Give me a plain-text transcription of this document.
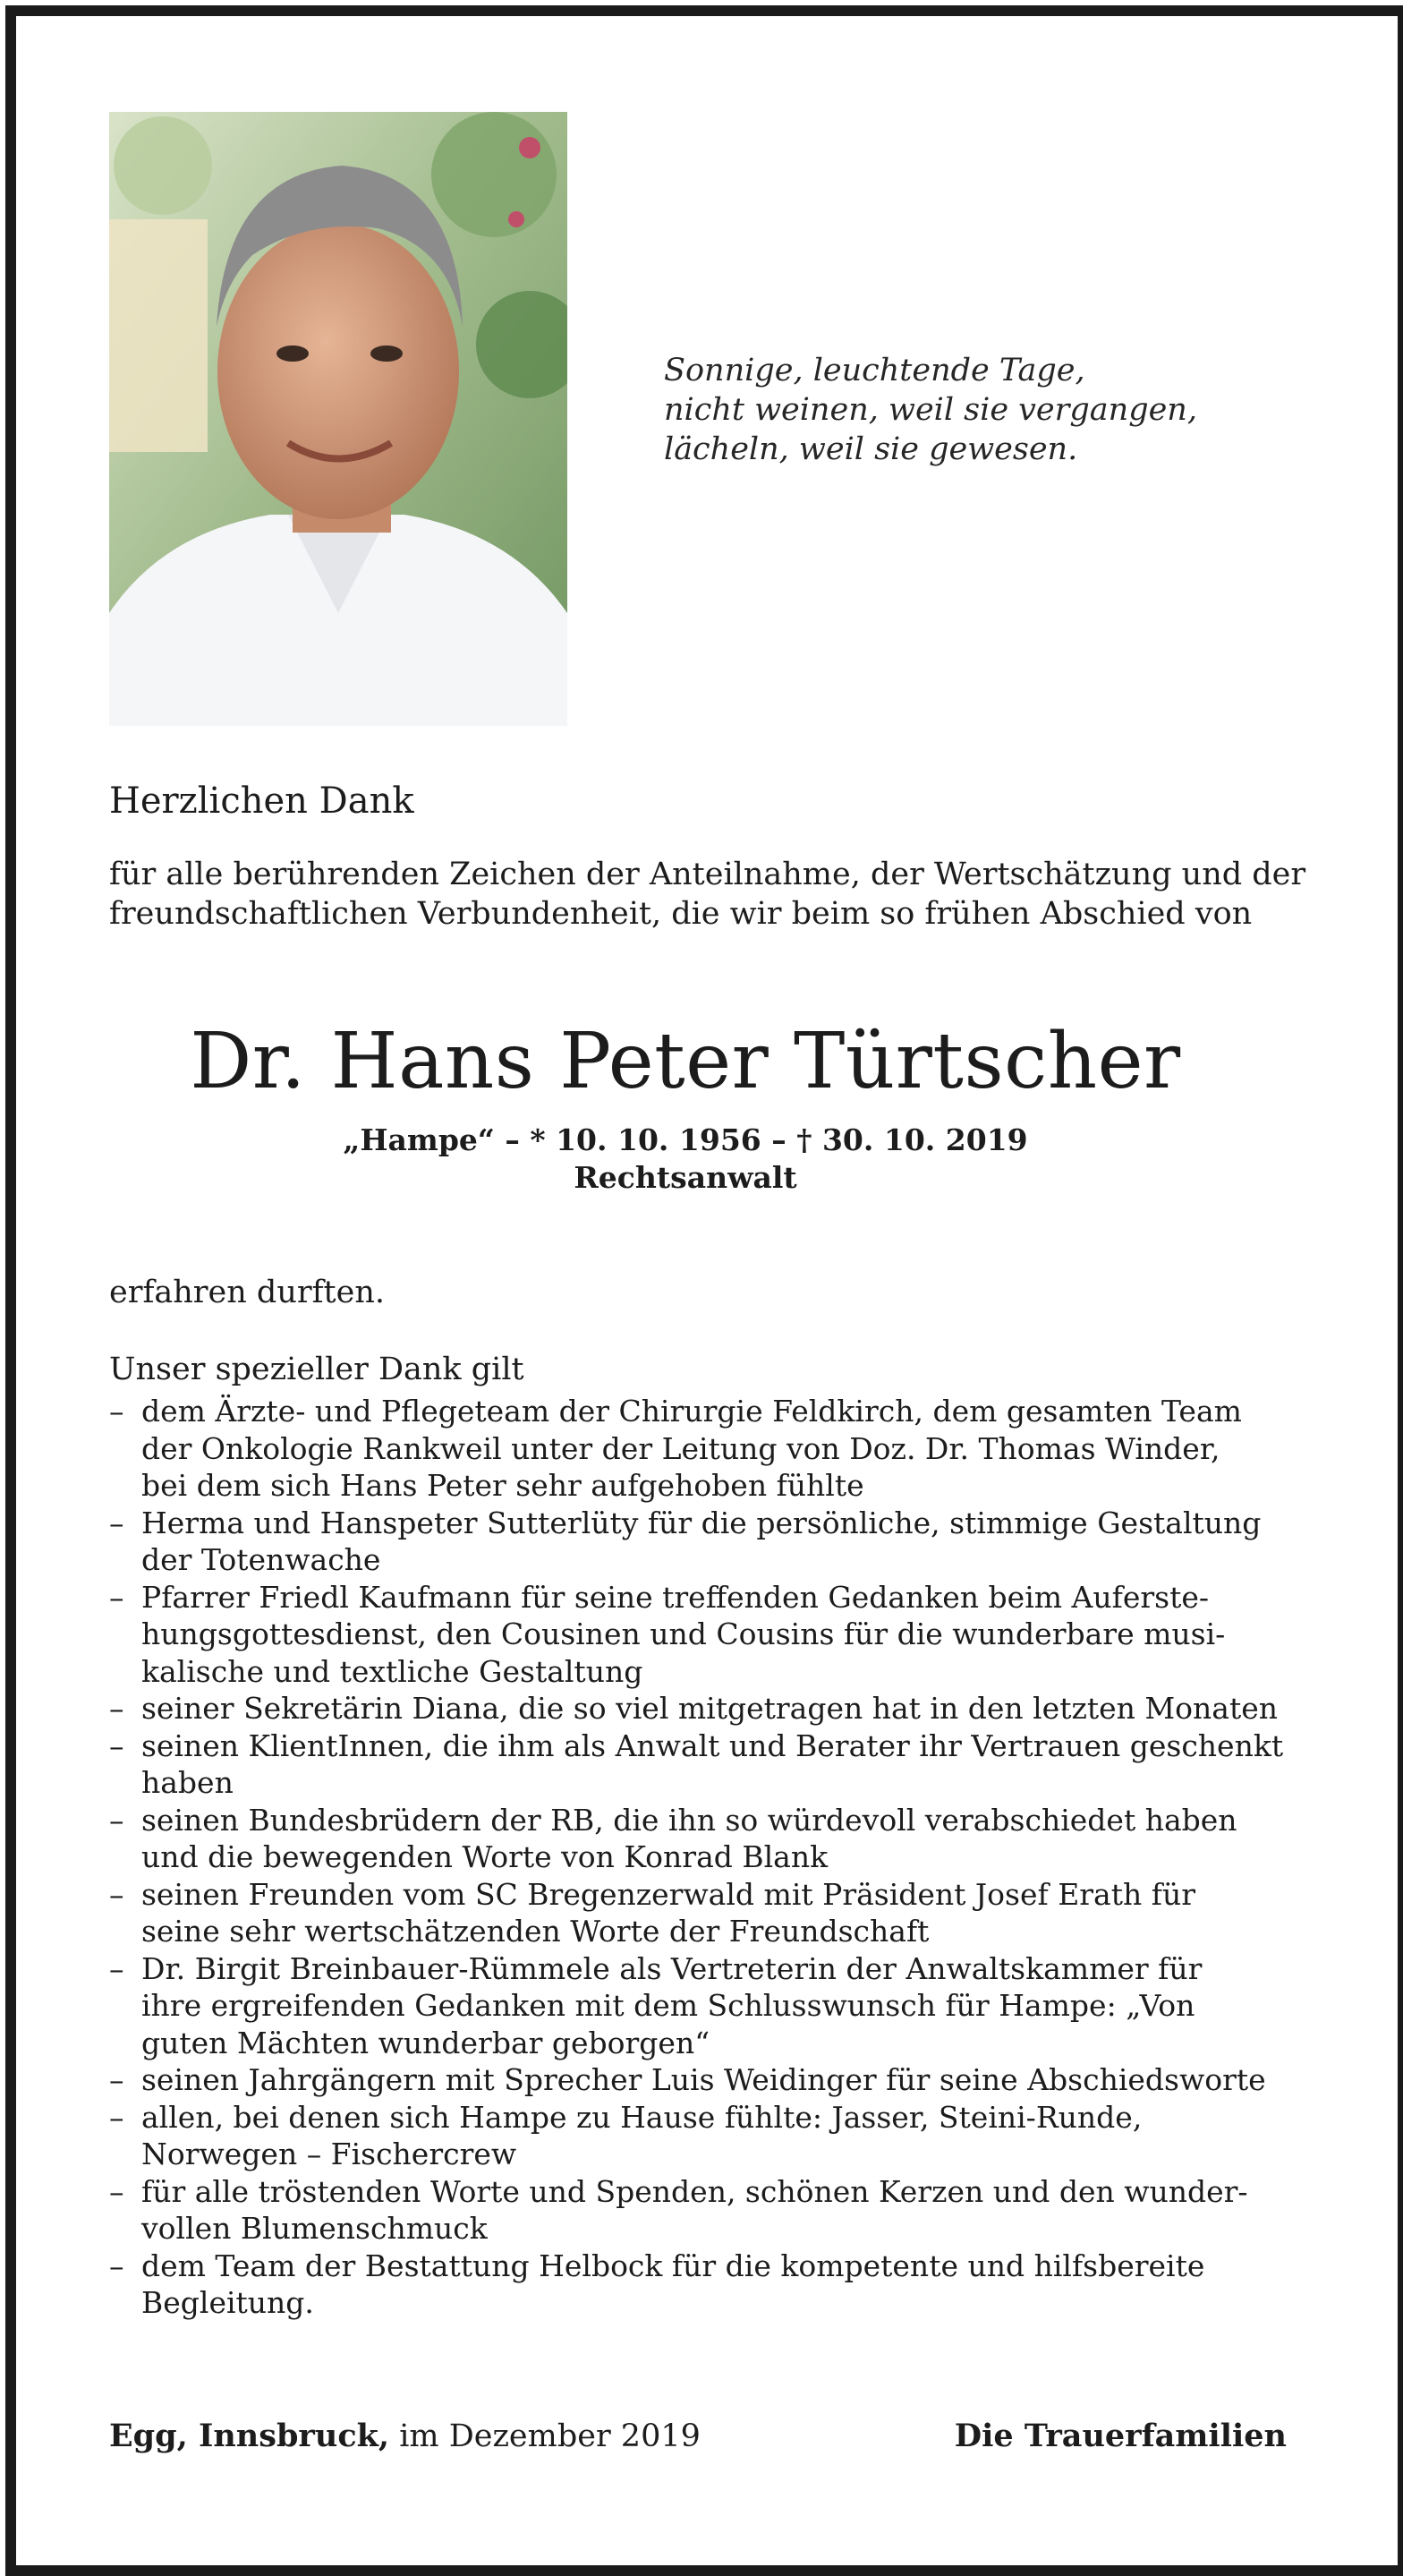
Sonnige, leuchtende Tage,
nicht weinen, weil sie vergangen,
lächeln, weil sie gewesen.
Herzlichen Dank
für alle berührenden Zeichen der Anteilnahme, der Wertschätzung und der
freundschaftlichen Verbundenheit, die wir beim so frühen Abschied von
Dr. Hans Peter Türtscher
„Hampe“ – * 10. 10. 1956 – † 30. 10. 2019
Rechtsanwalt
erfahren durften.
Unser spezieller Dank gilt
– dem Ärzte- und Pflegeteam der Chirurgie Feldkirch, dem gesamten Team
der Onkologie Rankweil unter der Leitung von Doz. Dr. Thomas Winder,
bei dem sich Hans Peter sehr aufgehoben fühlte
– Herma und Hanspeter Sutterlüty für die persönliche, stimmige Gestaltung
der Totenwache
– Pfarrer Friedl Kaufmann für seine treffenden Gedanken beim Auferste-
hungsgottesdienst, den Cousinen und Cousins für die wunderbare musi-
kalische und textliche Gestaltung
– seiner Sekretärin Diana, die so viel mitgetragen hat in den letzten Monaten
– seinen KlientInnen, die ihm als Anwalt und Berater ihr Vertrauen geschenkt
haben
– seinen Bundesbrüdern der RB, die ihn so würdevoll verabschiedet haben
und die bewegenden Worte von Konrad Blank
– seinen Freunden vom SC Bregenzerwald mit Präsident Josef Erath für
seine sehr wertschätzenden Worte der Freundschaft
– Dr. Birgit Breinbauer-Rümmele als Vertreterin der Anwaltskammer für
ihre ergreifenden Gedanken mit dem Schlusswunsch für Hampe: „Von
guten Mächten wunderbar geborgen“
– seinen Jahrgängern mit Sprecher Luis Weidinger für seine Abschiedsworte
– allen, bei denen sich Hampe zu Hause fühlte: Jasser, Steini-Runde,
Norwegen – Fischercrew
– für alle tröstenden Worte und Spenden, schönen Kerzen und den wunder-
vollen Blumenschmuck
– dem Team der Bestattung Helbock für die kompetente und hilfsbereite
Begleitung.
Egg, Innsbruck, im Dezember 2019	Die Trauerfamilien
